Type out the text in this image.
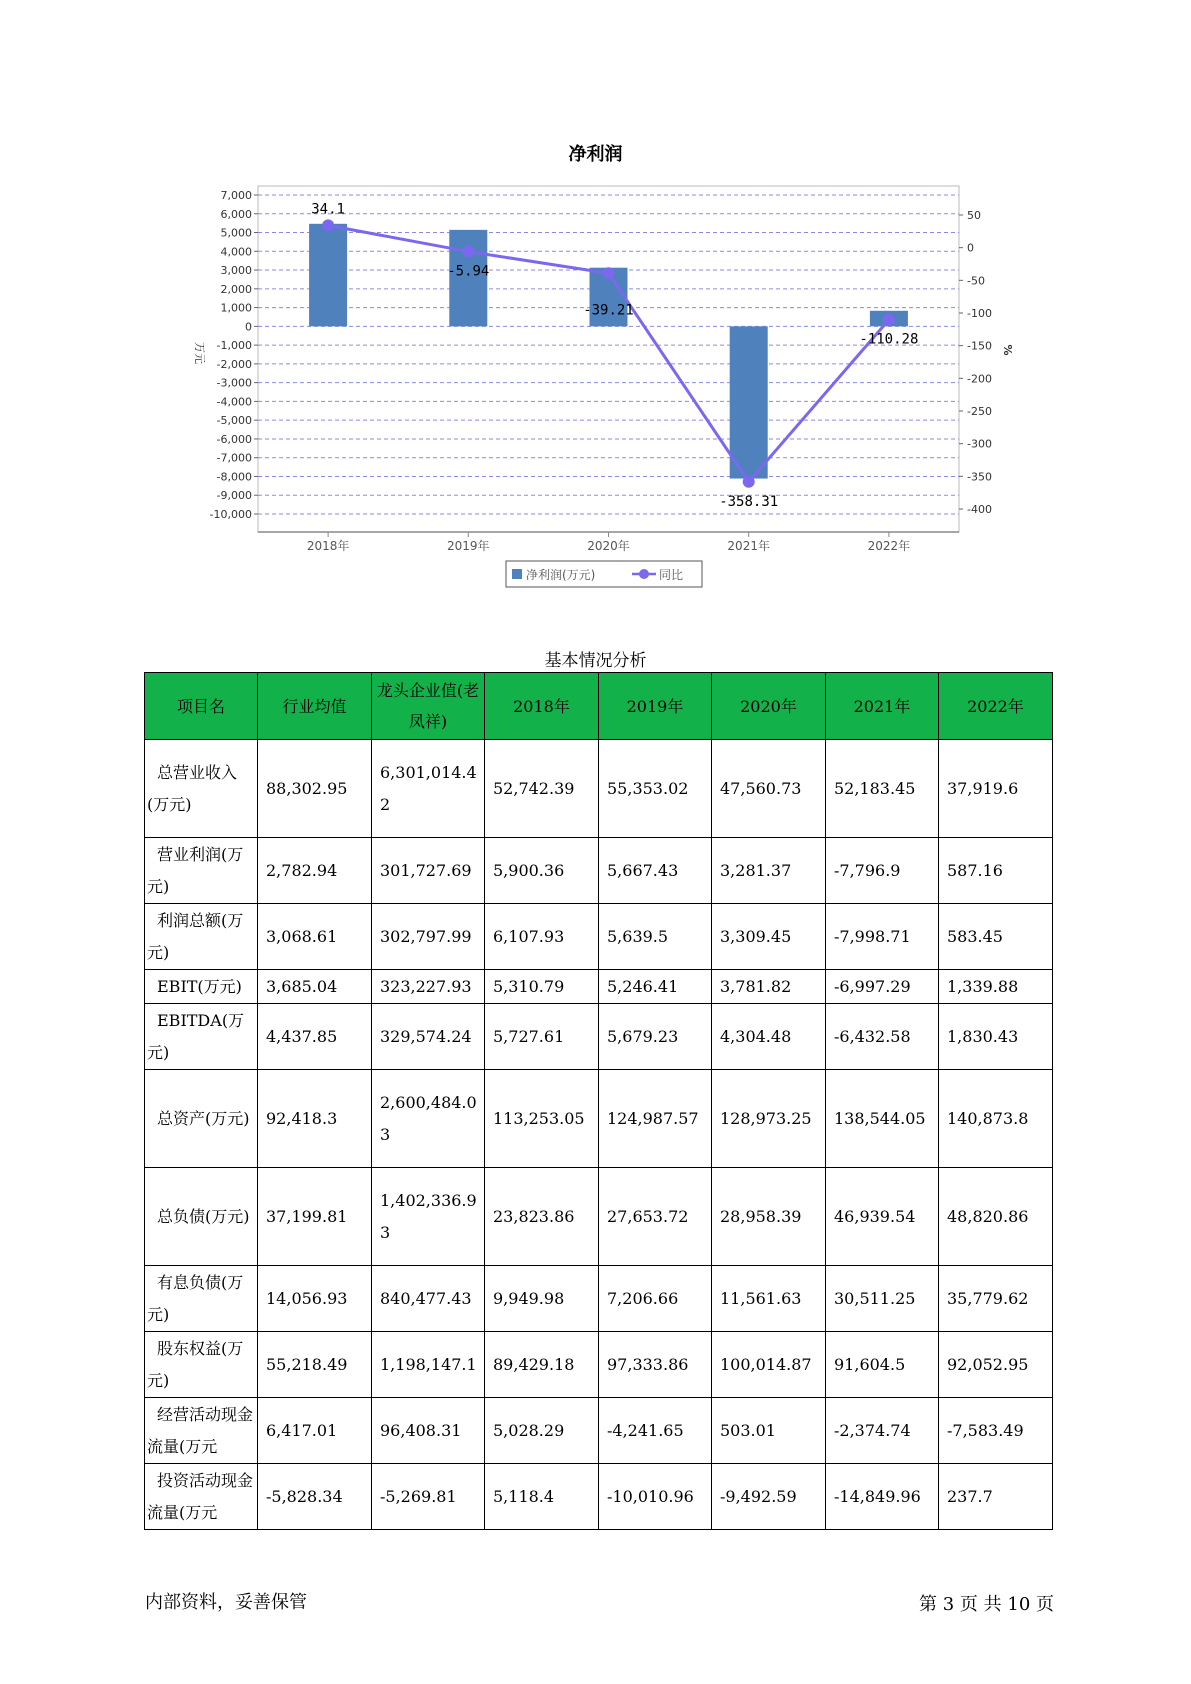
净利润
7,000
6,000
5,000
4,000
3,000
2,000
1,000
0
-1,000
-2,000
-3,000
-4,000
-5,000
-6,000
-7,000
-8,000
-9,000
-10,000
50
0
-50
-100
-150
-200
-250
-300
-350
-400
万元	%
2018年	2019年	2020年	2021年	2022年
34.1
-5.94
-39.21
-358.31
-110.28
净利润(万元)	同比
基本情况分析
项目名	行业均值	龙头企业值(老凤祥)	2018年	2019年	2020年	2021年	2022年
总营业收入(万元)	88,302.95	6,301,014.42	52,742.39	55,353.02	47,560.73	52,183.45	37,919.6
营业利润(万元)	2,782.94	301,727.69	5,900.36	5,667.43	3,281.37	-7,796.9	587.16
利润总额(万元)	3,068.61	302,797.99	6,107.93	5,639.5	3,309.45	-7,998.71	583.45
EBIT(万元)	3,685.04	323,227.93	5,310.79	5,246.41	3,781.82	-6,997.29	1,339.88
EBITDA(万元)	4,437.85	329,574.24	5,727.61	5,679.23	4,304.48	-6,432.58	1,830.43
总资产(万元)	92,418.3	2,600,484.03	113,253.05	124,987.57	128,973.25	138,544.05	140,873.8
总负债(万元)	37,199.81	1,402,336.93	23,823.86	27,653.72	28,958.39	46,939.54	48,820.86
有息负债(万元)	14,056.93	840,477.43	9,949.98	7,206.66	11,561.63	30,511.25	35,779.62
股东权益(万元)	55,218.49	1,198,147.1	89,429.18	97,333.86	100,014.87	91,604.5	92,052.95
经营活动现金流量(万元	6,417.01	96,408.31	5,028.29	-4,241.65	503.01	-2,374.74	-7,583.49
投资活动现金流量(万元	-5,828.34	-5,269.81	5,118.4	-10,010.96	-9,492.59	-14,849.96	237.7
内部资料，妥善保管	第 3 页 共 10 页
